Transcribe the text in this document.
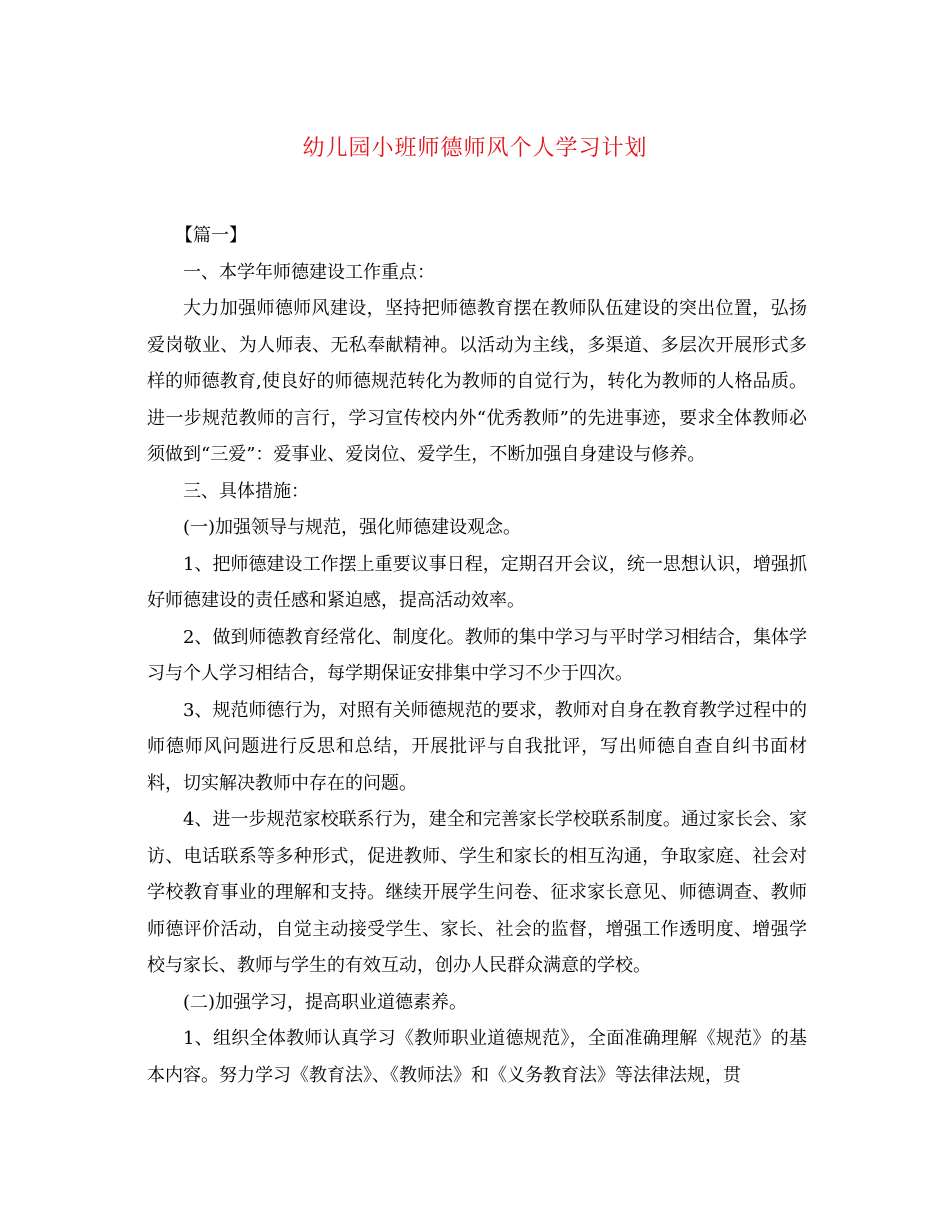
幼儿园小班师德师风个人学习计划

【篇一】

一、本学年师德建设工作重点：

大力加强师德师风建设，坚持把师德教育摆在教师队伍建设的突出位置，弘扬爱岗敬业、为人师表、无私奉献精神。以活动为主线，多渠道、多层次开展形式多样的师德教育,使良好的师德规范转化为教师的自觉行为，转化为教师的人格品质。进一步规范教师的言行，学习宣传校内外“优秀教师”的先进事迹，要求全体教师必须做到“三爱”：爱事业、爱岗位、爱学生，不断加强自身建设与修养。

三、具体措施：

(一)加强领导与规范，强化师德建设观念。

1、把师德建设工作摆上重要议事日程，定期召开会议，统一思想认识，增强抓好师德建设的责任感和紧迫感，提高活动效率。

2、做到师德教育经常化、制度化。教师的集中学习与平时学习相结合，集体学习与个人学习相结合，每学期保证安排集中学习不少于四次。

3、规范师德行为，对照有关师德规范的要求，教师对自身在教育教学过程中的师德师风问题进行反思和总结，开展批评与自我批评，写出师德自查自纠书面材料，切实解决教师中存在的问题。

4、进一步规范家校联系行为，建全和完善家长学校联系制度。通过家长会、家访、电话联系等多种形式，促进教师、学生和家长的相互沟通，争取家庭、社会对学校教育事业的理解和支持。继续开展学生问卷、征求家长意见、师德调查、教师师德评价活动，自觉主动接受学生、家长、社会的监督，增强工作透明度、增强学校与家长、教师与学生的有效互动，创办人民群众满意的学校。

(二)加强学习，提高职业道德素养。

1、组织全体教师认真学习《教师职业道德规范》，全面准确理解《规范》的基本内容。努力学习《教育法》、《教师法》和《义务教育法》等法律法规，贯
